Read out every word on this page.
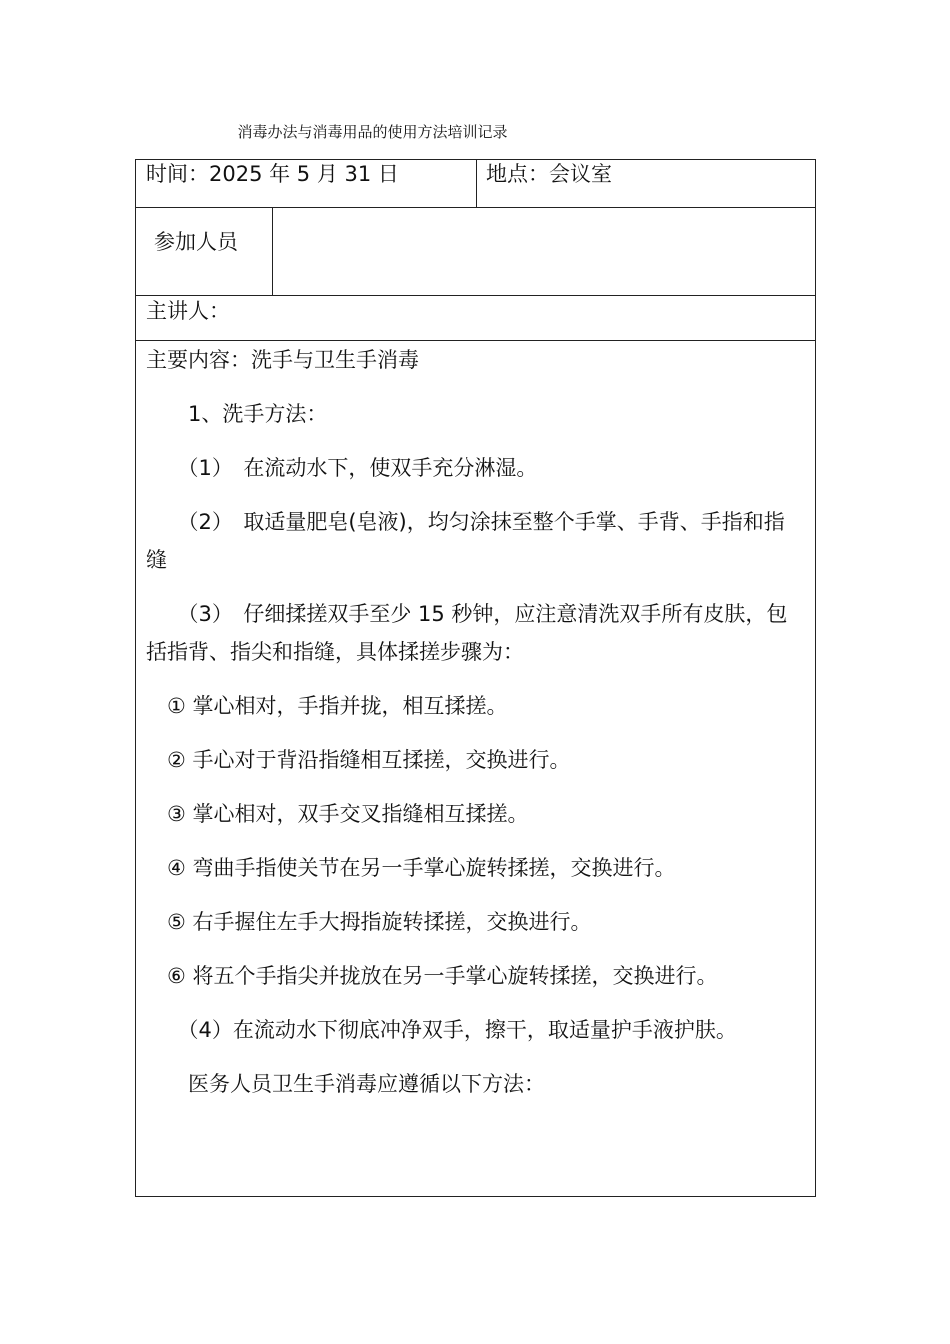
消毒办法与消毒用品的使用方法培训记录
时间：2025 年 5 月 31 日	地点：会议室
参加人员
主讲人：

主要内容：洗手与卫生手消毒

　　1、洗手方法：

　　（1）　在流动水下，使双手充分淋湿。

　　（2）　取适量肥皂(皂液)，均匀涂抹至整个手掌、手背、手指和指缝

　　（3）　仔细揉搓双手至少 15 秒钟，应注意清洗双手所有皮肤，包括指背、指尖和指缝，具体揉搓步骤为：

　① 掌心相对，手指并拢，相互揉搓。

　② 手心对于背沿指缝相互揉搓，交换进行。

　③ 掌心相对，双手交叉指缝相互揉搓。

　④ 弯曲手指使关节在另一手掌心旋转揉搓，交换进行。

　⑤ 右手握住左手大拇指旋转揉搓，交换进行。

　⑥ 将五个手指尖并拢放在另一手掌心旋转揉搓，交换进行。

　　（4）在流动水下彻底冲净双手，擦干，取适量护手液护肤。

　　医务人员卫生手消毒应遵循以下方法：
